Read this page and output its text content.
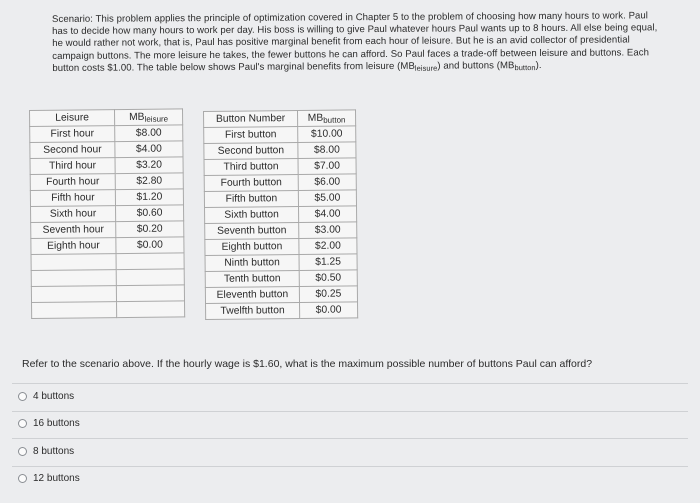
Scenario: This problem applies the principle of optimization covered in Chapter 5 to the problem of choosing how many hours to work. Paul has to decide how many hours to work per day. His boss is willing to give Paul whatever hours Paul wants up to 8 hours. All else being equal, he would rather not work, that is, Paul has positive marginal benefit from each hour of leisure. But he is an avid collector of presidential campaign buttons. The more leisure he takes, the fewer buttons he can afford. So Paul faces a trade-off between leisure and buttons. Each button costs $1.00. The table below shows Paul's marginal benefits from leisure $(MB_{leisure})$ and buttons $(MB_{button})$.
Leisure	$MB_{leisure}$
First hour	$8.00
Second hour	$4.00
Third hour	$3.20
Fourth hour	$2.80
Fifth hour	$1.20
Sixth hour	$0.60
Seventh hour	$0.20
Eighth hour	$0.00

Button Number	$MB_{button}$
First button	$10.00
Second button	$8.00
Third button	$7.00
Fourth button	$6.00
Fifth button	$5.00
Sixth button	$4.00
Seventh button	$3.00
Eighth button	$2.00
Ninth button	$1.25
Tenth button	$0.50
Eleventh button	$0.25
Twelfth button	$0.00
Refer to the scenario above. If the hourly wage is $1.60, what is the maximum possible number of buttons Paul can afford?
4 buttons
16 buttons
8 buttons
12 buttons
